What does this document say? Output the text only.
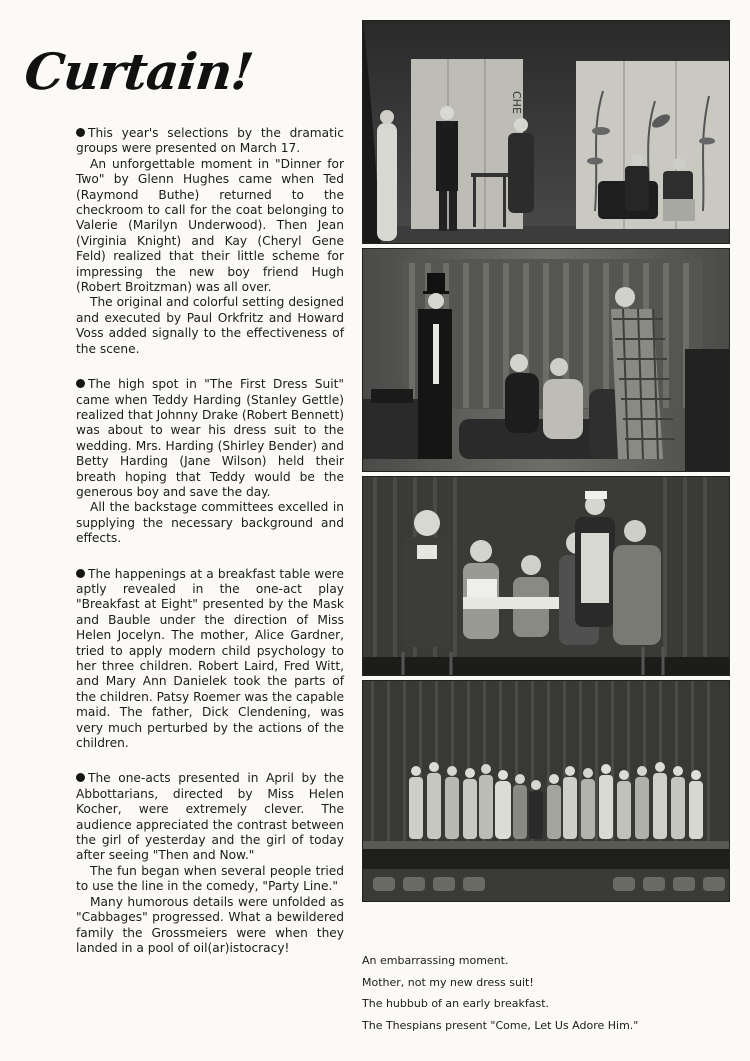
Curtain!

This year's selections by the dramatic groups were presented on March 17.

An unforgettable moment in "Dinner for Two" by Glenn Hughes came when Ted (Raymond Buthe) returned to the checkroom to call for the coat belonging to Valerie (Marilyn Underwood). Then Jean (Virginia Knight) and Kay (Cheryl Gene Feld) realized that their little scheme for impressing the new boy friend Hugh (Robert Broitzman) was all over.

The original and colorful setting designed and executed by Paul Orkfritz and Howard Voss added signally to the effectiveness of the scene.

The high spot in "The First Dress Suit" came when Teddy Harding (Stanley Gettle) realized that Johnny Drake (Robert Bennett) was about to wear his dress suit to the wedding. Mrs. Harding (Shirley Bender) and Betty Harding (Jane Wilson) held their breath hoping that Teddy would be the generous boy and save the day.

All the backstage committees excelled in supplying the necessary background and effects.

The happenings at a breakfast table were aptly revealed in the one-act play "Breakfast at Eight" presented by the Mask and Bauble under the direction of Miss Helen Jocelyn. The mother, Alice Gardner, tried to apply modern child psychology to her three children. Robert Laird, Fred Witt, and Mary Ann Danielek took the parts of the children. Patsy Roemer was the capable maid. The father, Dick Clendening, was very much perturbed by the actions of the children.

The one-acts presented in April by the Abbottarians, directed by Miss Helen Kocher, were extremely clever. The audience appreciated the contrast between the girl of yesterday and the girl of today after seeing "Then and Now."

The fun began when several people tried to use the line in the comedy, "Party Line."

Many humorous details were unfolded as "Cabbages" progressed. What a bewildered family the Grossmeiers were when they landed in a pool of oil(ar)istocracy!

CHE
An embarrassing moment.
Mother, not my new dress suit!
The hubbub of an early breakfast.
The Thespians present "Come, Let Us Adore Him."
